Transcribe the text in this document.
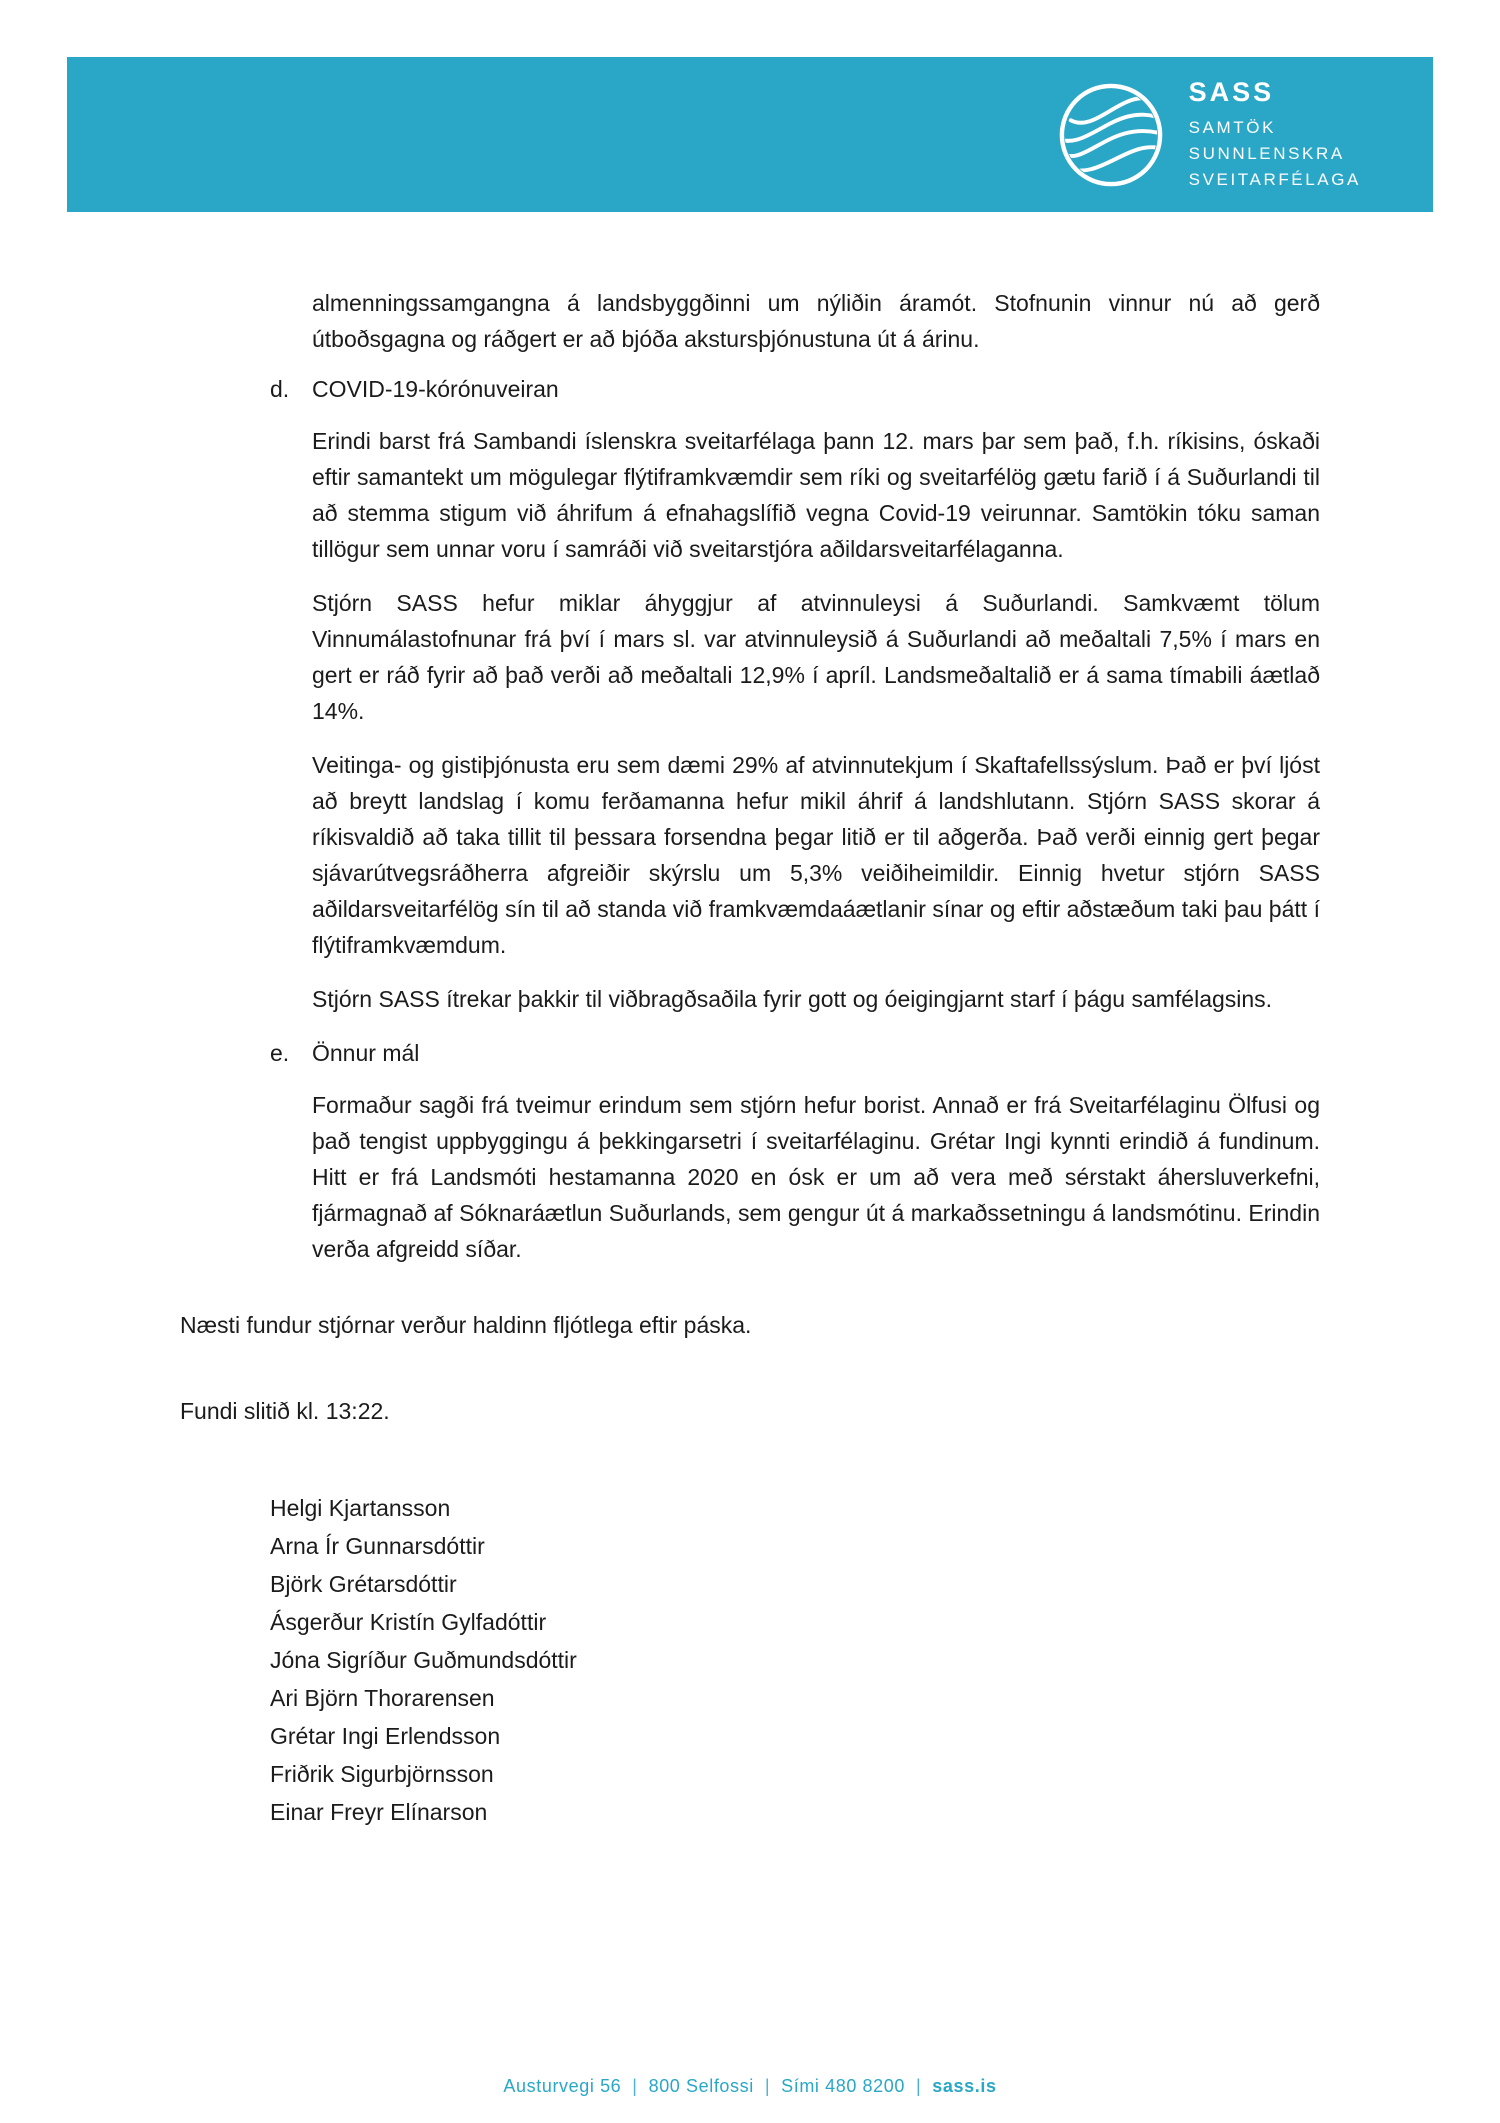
SASS
SAMTÖK
SUNNLENSKRA
SVEITARFÉLAGA

almenningssamgangna á landsbyggðinni um nýliðin áramót. Stofnunin vinnur nú að gerð útboðsgagna og ráðgert er að bjóða akstursþjónustuna út á árinu.

d. COVID-19-kórónuveiran

Erindi barst frá Sambandi íslenskra sveitarfélaga þann 12. mars þar sem það, f.h. ríkisins, óskaði eftir samantekt um mögulegar flýtiframkvæmdir sem ríki og sveitarfélög gætu farið í á Suðurlandi til að stemma stigum við áhrifum á efnahagslífið vegna Covid-19 veirunnar. Samtökin tóku saman tillögur sem unnar voru í samráði við sveitarstjóra aðildarsveitarfélaganna.

Stjórn SASS hefur miklar áhyggjur af atvinnuleysi á Suðurlandi. Samkvæmt tölum Vinnumálastofnunar frá því í mars sl. var atvinnuleysið á Suðurlandi að meðaltali 7,5% í mars en gert er ráð fyrir að það verði að meðaltali 12,9% í apríl. Landsmeðaltalið er á sama tímabili áætlað 14%.

Veitinga- og gistiþjónusta eru sem dæmi 29% af atvinnutekjum í Skaftafellssýslum. Það er því ljóst að breytt landslag í komu ferðamanna hefur mikil áhrif á landshlutann. Stjórn SASS skorar á ríkisvaldið að taka tillit til þessara forsendna þegar litið er til aðgerða. Það verði einnig gert þegar sjávarútvegsráðherra afgreiðir skýrslu um 5,3% veiðiheimildir. Einnig hvetur stjórn SASS aðildarsveitarfélög sín til að standa við framkvæmdaáætlanir sínar og eftir aðstæðum taki þau þátt í flýtiframkvæmdum.

Stjórn SASS ítrekar þakkir til viðbragðsaðila fyrir gott og óeigingjarnt starf í þágu samfélagsins.

e. Önnur mál

Formaður sagði frá tveimur erindum sem stjórn hefur borist. Annað er frá Sveitarfélaginu Ölfusi og það tengist uppbyggingu á þekkingarsetri í sveitarfélaginu. Grétar Ingi kynnti erindið á fundinum. Hitt er frá Landsmóti hestamanna 2020 en ósk er um að vera með sérstakt áhersluverkefni, fjármagnað af Sóknaráætlun Suðurlands, sem gengur út á markaðssetningu á landsmótinu. Erindin verða afgreidd síðar.

Næsti fundur stjórnar verður haldinn fljótlega eftir páska.
Fundi slitið kl. 13:22.
Helgi Kjartansson
Arna Ír Gunnarsdóttir
Björk Grétarsdóttir
Ásgerður Kristín Gylfadóttir
Jóna Sigríður Guðmundsdóttir
Ari Björn Thorarensen
Grétar Ingi Erlendsson
Friðrik Sigurbjörnsson
Einar Freyr Elínarson
Austurvegi 56 | 800 Selfossi | Sími 480 8200 | sass.is
